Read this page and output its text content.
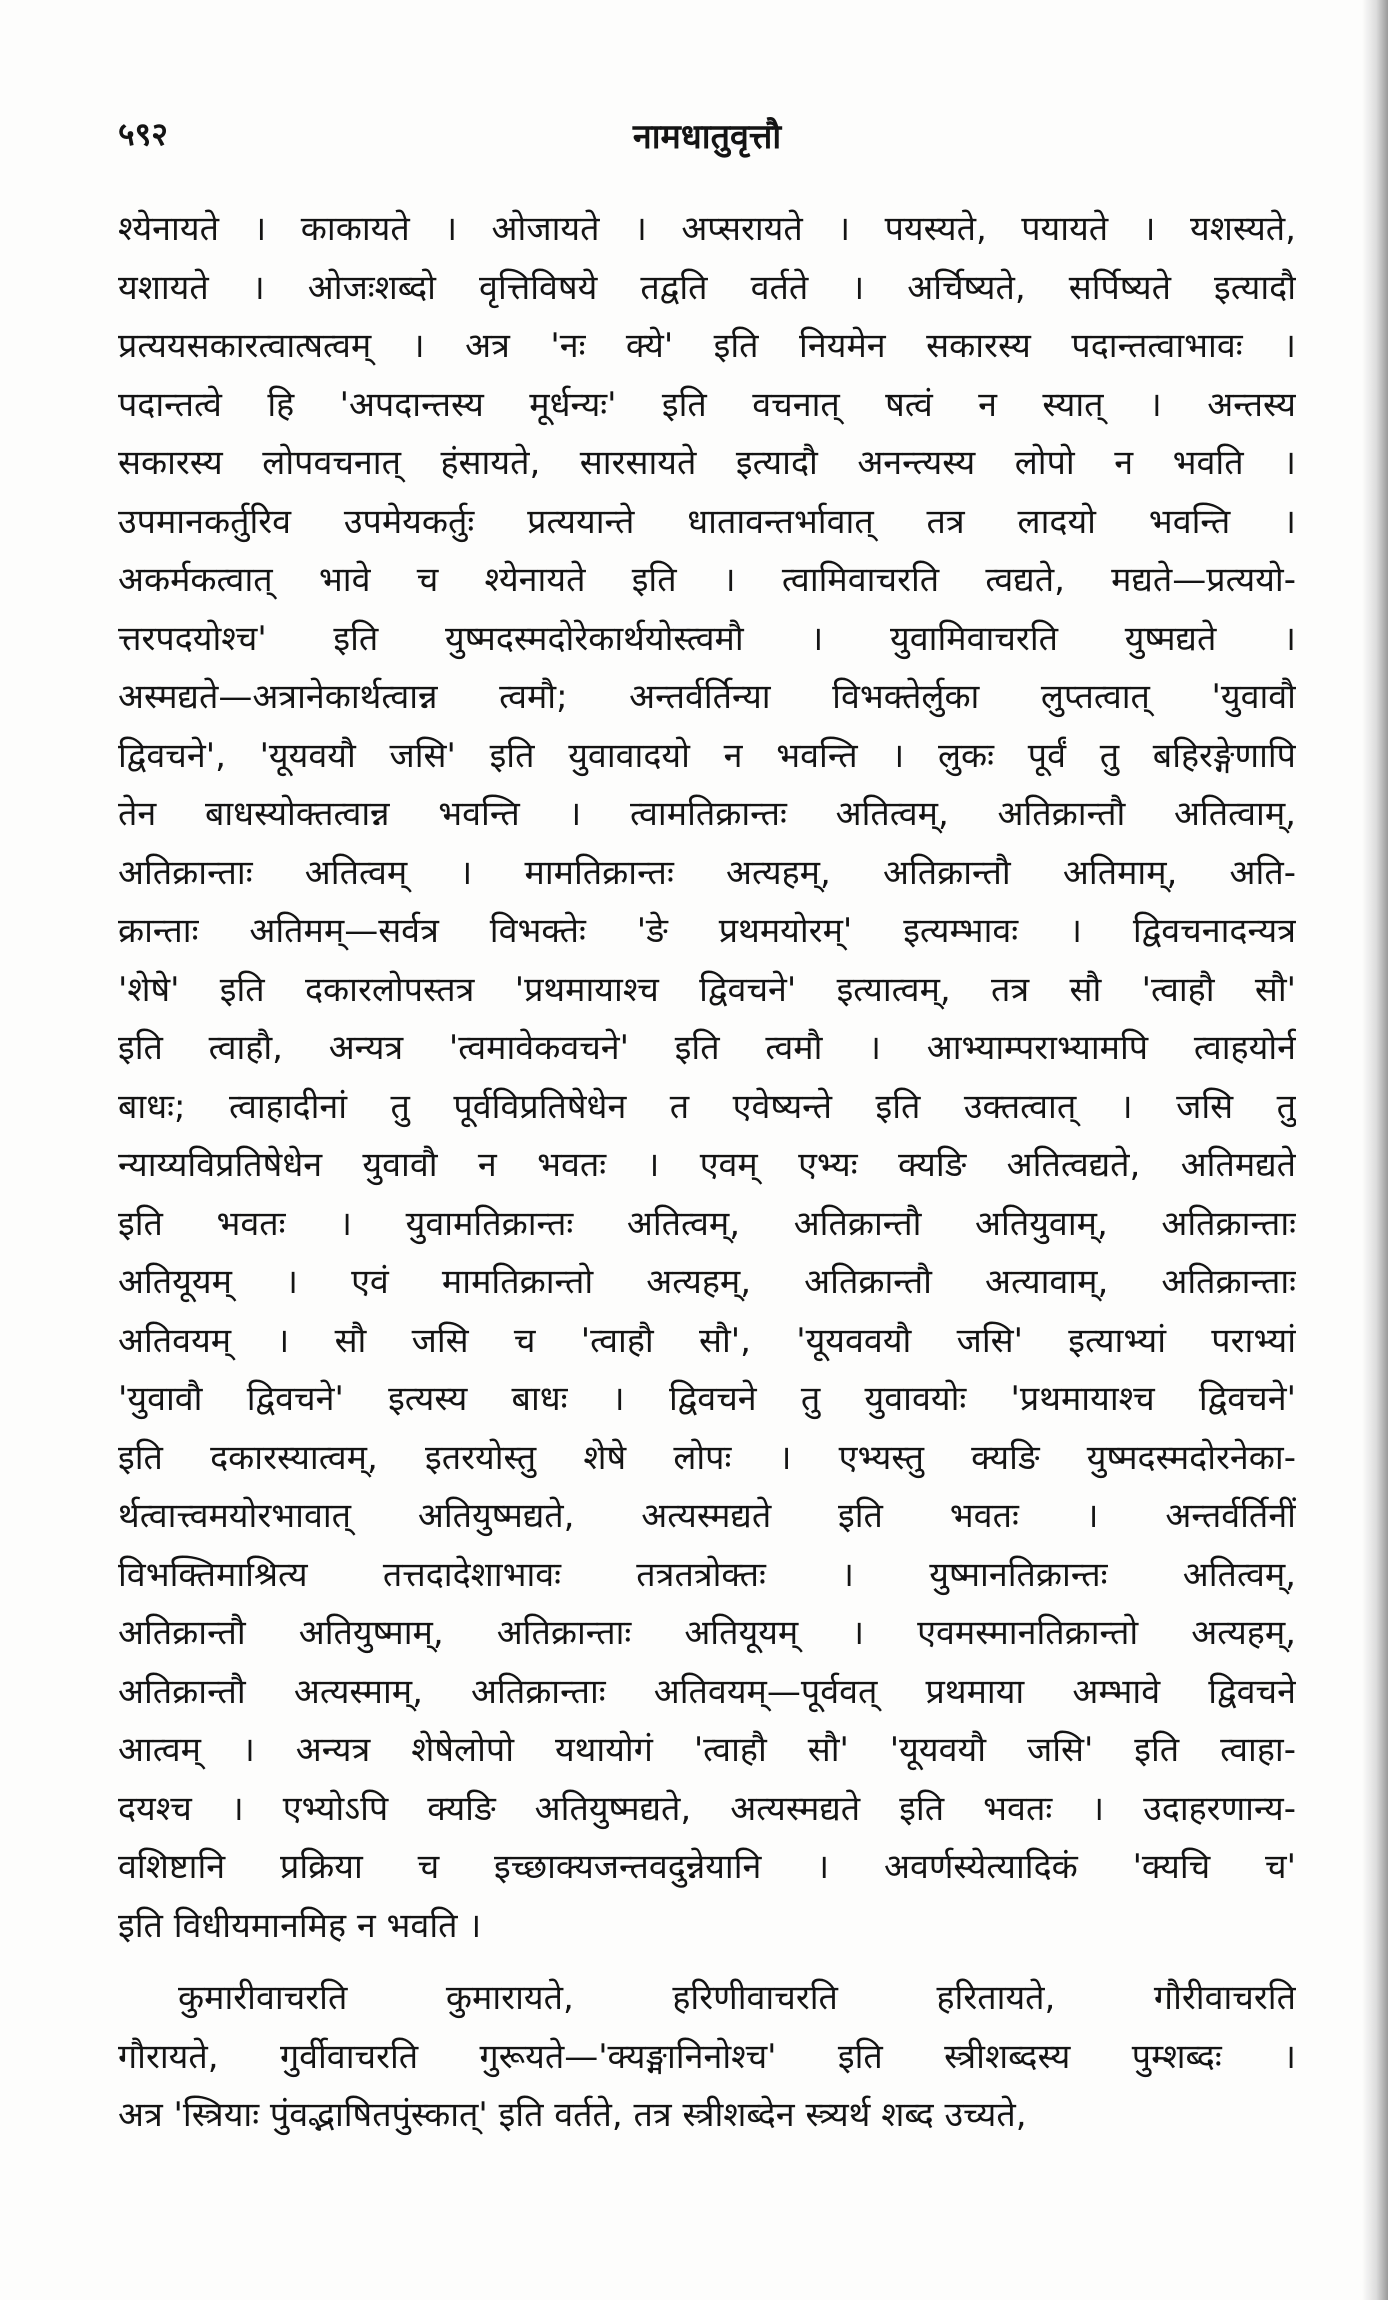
५९२	नामधातुवृत्तौ
श्येनायते । काकायते । ओजायते । अप्सरायते । पयस्यते, पयायते । यशस्यते,
यशायते । ओजःशब्दो वृत्तिविषये तद्वति वर्तते । अर्चिष्यते, सर्पिष्यते इत्यादौ
प्रत्ययसकारत्वात्षत्वम् । अत्र 'नः क्ये' इति नियमेन सकारस्य पदान्तत्वाभावः ।
पदान्तत्वे हि 'अपदान्तस्य मूर्धन्यः' इति वचनात् षत्वं न स्यात् । अन्तस्य
सकारस्य लोपवचनात् हंसायते, सारसायते इत्यादौ अनन्त्यस्य लोपो न भवति ।
उपमानकर्तुरिव उपमेयकर्तुः प्रत्ययान्ते धातावन्तर्भावात् तत्र लादयो भवन्ति ।
अकर्मकत्वात् भावे च श्येनायते इति । त्वामिवाचरति त्वद्यते, मद्यते—प्रत्ययो-
त्तरपदयोश्च' इति युष्मदस्मदोरेकार्थयोस्त्वमौ । युवामिवाचरति युष्मद्यते ।
अस्मद्यते—अत्रानेकार्थत्वान्न त्वमौ; अन्तर्वर्तिन्या विभक्तेर्लुका लुप्तत्वात् 'युवावौ
द्विवचने', 'यूयवयौ जसि' इति युवावादयो न भवन्ति । लुकः पूर्वं तु बहिरङ्गेणापि
तेन बाधस्योक्तत्वान्न भवन्ति । त्वामतिक्रान्तः अतित्वम्, अतिक्रान्तौ अतित्वाम्,
अतिक्रान्ताः अतित्वम् । मामतिक्रान्तः अत्यहम्, अतिक्रान्तौ अतिमाम्, अति-
क्रान्ताः अतिमम्—सर्वत्र विभक्तेः 'ङे प्रथमयोरम्' इत्यम्भावः । द्विवचनादन्यत्र
'शेषे' इति दकारलोपस्तत्र 'प्रथमायाश्च द्विवचने' इत्यात्वम्, तत्र सौ 'त्वाहौ सौ'
इति त्वाहौ, अन्यत्र 'त्वमावेकवचने' इति त्वमौ । आभ्याम्पराभ्यामपि त्वाहयोर्न
बाधः; त्वाहादीनां तु पूर्वविप्रतिषेधेन त एवेष्यन्ते इति उक्तत्वात् । जसि तु
न्याय्यविप्रतिषेधेन युवावौ न भवतः । एवम् एभ्यः क्यङि अतित्वद्यते, अतिमद्यते
इति भवतः । युवामतिक्रान्तः अतित्वम्, अतिक्रान्तौ अतियुवाम्, अतिक्रान्ताः
अतियूयम् । एवं मामतिक्रान्तो अत्यहम्, अतिक्रान्तौ अत्यावाम्, अतिक्रान्ताः
अतिवयम् । सौ जसि च 'त्वाहौ सौ', 'यूयववयौ जसि' इत्याभ्यां पराभ्यां
'युवावौ द्विवचने' इत्यस्य बाधः । द्विवचने तु युवावयोः 'प्रथमायाश्च द्विवचने'
इति दकारस्यात्वम्, इतरयोस्तु शेषे लोपः । एभ्यस्तु क्यङि युष्मदस्मदोरनेका-
र्थत्वात्त्वमयोरभावात् अतियुष्मद्यते, अत्यस्मद्यते इति भवतः । अन्तर्वर्तिनीं
विभक्तिमाश्रित्य तत्तदादेशाभावः तत्रतत्रोक्तः । युष्मानतिक्रान्तः अतित्वम्,
अतिक्रान्तौ अतियुष्माम्, अतिक्रान्ताः अतियूयम् । एवमस्मानतिक्रान्तो अत्यहम्,
अतिक्रान्तौ अत्यस्माम्, अतिक्रान्ताः अतिवयम्—पूर्ववत् प्रथमाया अम्भावे द्विवचने
आत्वम् । अन्यत्र शेषेलोपो यथायोगं 'त्वाहौ सौ' 'यूयवयौ जसि' इति त्वाहा-
दयश्च । एभ्योऽपि क्यङि अतियुष्मद्यते, अत्यस्मद्यते इति भवतः । उदाहरणान्य-
वशिष्टानि प्रक्रिया च इच्छाक्यजन्तवदुन्नेयानि । अवर्णस्येत्यादिकं 'क्यचि च'
इति विधीयमानमिह न भवति ।
कुमारीवाचरति कुमारायते, हरिणीवाचरति हरितायते, गौरीवाचरति
गौरायते, गुर्वीवाचरति गुरूयते—'क्यङ्मानिनोश्च' इति स्त्रीशब्दस्य पुम्शब्दः ।
अत्र 'स्त्रियाः पुंवद्भाषितपुंस्कात्' इति वर्तते, तत्र स्त्रीशब्देन स्त्र्यर्थ शब्द उच्यते,
